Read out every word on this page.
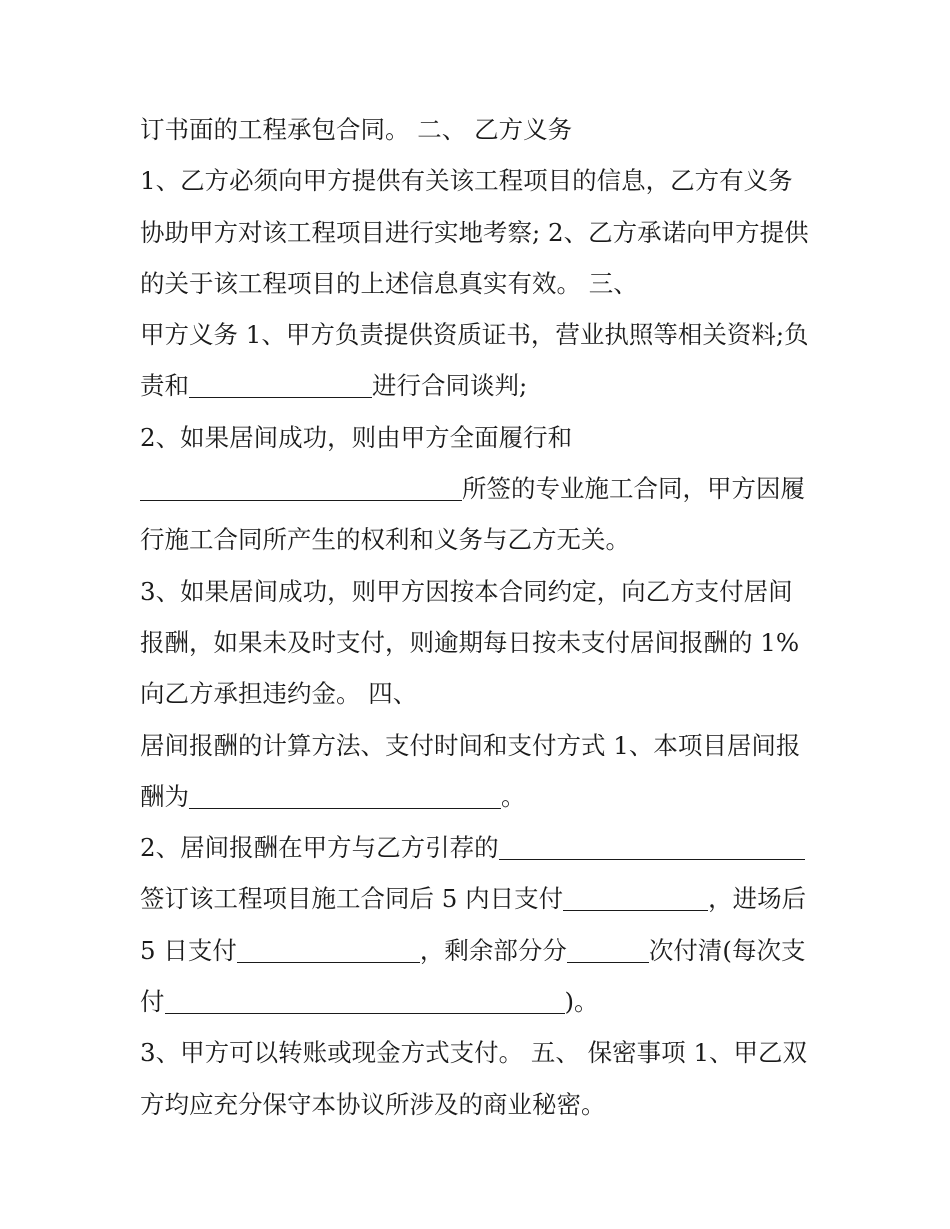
订书面的工程承包合同。 二、 乙方义务
1、乙方必须向甲方提供有关该工程项目的信息，乙方有义务
协助甲方对该工程项目进行实地考察; 2、乙方承诺向甲方提供
的关于该工程项目的上述信息真实有效。 三、
甲方义务 1、甲方负责提供资质证书，营业执照等相关资料;负
责和	进行合同谈判;
2、如果居间成功，则由甲方全面履行和
所签的专业施工合同，甲方因履
行施工合同所产生的权利和义务与乙方无关。
3、如果居间成功，则甲方因按本合同约定，向乙方支付居间
报酬，如果未及时支付，则逾期每日按未支付居间报酬的 1%
向乙方承担违约金。 四、
居间报酬的计算方法、支付时间和支付方式 1、本项目居间报
酬为	。
2、居间报酬在甲方与乙方引荐的
签订该工程项目施工合同后 5 内日支付	，进场后
5 日支付	，剩余部分分	次付清(每次支
付	)。
3、甲方可以转账或现金方式支付。 五、 保密事项 1、甲乙双
方均应充分保守本协议所涉及的商业秘密。
